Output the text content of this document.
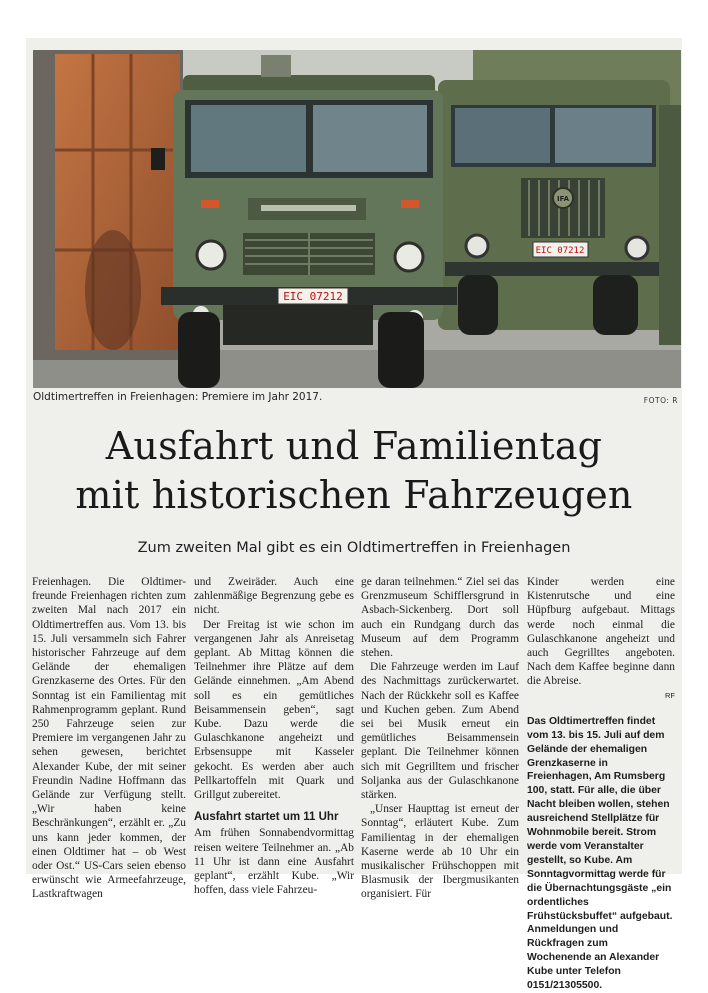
IFA
EIC 07212
EIC 07212
Oldtimertreffen in Freienhagen: Premiere im Jahr 2017.	FOTO: R
Ausfahrt und Familientag
mit historischen Fahrzeugen
Zum zweiten Mal gibt es ein Oldtimertreffen in Freienhagen

Freienhagen. Die Oldtimer-freunde Freienhagen richten zum zweiten Mal nach 2017 ein Oldtimertreffen aus. Vom 13. bis 15. Juli versammeln sich Fahrer historischer Fahrzeuge auf dem Gelände der ehemaligen Grenzkaserne des Ortes. Für den Sonntag ist ein Familientag mit Rahmenprogramm geplant. Rund 250 Fahrzeuge seien zur Premiere im vergangenen Jahr zu sehen gewesen, berichtet Alexander Kube, der mit seiner Freundin Nadine Hoffmann das Gelände zur Verfügung stellt. „Wir haben keine Beschränkungen“, erzählt er. „Zu uns kann jeder kommen, der einen Oldtimer hat – ob West oder Ost.“ US-Cars seien ebenso erwünscht wie Armeefahrzeuge, Lastkraftwagen

und Zweiräder. Auch eine zahlenmäßige Begrenzung gebe es nicht.

Der Freitag ist wie schon im vergangenen Jahr als Anreisetag geplant. Ab Mittag können die Teilnehmer ihre Plätze auf dem Gelände einnehmen. „Am Abend soll es ein gemütliches Beisammensein geben“, sagt Kube. Dazu werde die Gulaschkanone angeheizt und Erbsensuppe mit Kasseler gekocht. Es werden aber auch Pellkartoffeln mit Quark und Grillgut zubereitet.

Ausfahrt startet um 11 Uhr

Am frühen Sonnabendvormittag reisen weitere Teilnehmer an. „Ab 11 Uhr ist dann eine Ausfahrt geplant“, erzählt Kube. „Wir hoffen, dass viele Fahrzeu-

ge daran teilnehmen.“ Ziel sei das Grenzmuseum Schifflersgrund in Asbach-Sickenberg. Dort soll auch ein Rundgang durch das Museum auf dem Programm stehen.

Die Fahrzeuge werden im Lauf des Nachmittags zurückerwartet. Nach der Rückkehr soll es Kaffee und Kuchen geben. Zum Abend sei bei Musik erneut ein gemütliches Beisammensein geplant. Die Teilnehmer können sich mit Gegrilltem und frischer Soljanka aus der Gulaschkanone stärken.

„Unser Haupttag ist erneut der Sonntag“, erläutert Kube. Zum Familientag in der ehemaligen Kaserne werde ab 10 Uhr ein musikalischer Frühschoppen mit Blasmusik der Ibergmusikanten organisiert. Für

Kinder werden eine Kistenrutsche und eine Hüpfburg aufgebaut. Mittags werde noch einmal die Gulaschkanone angeheizt und auch Gegrilltes angeboten. Nach dem Kaffee beginne dann die Abreise.

RF

Das Oldtimertreffen findet vom 13. bis 15. Juli auf dem Gelände der ehemaligen Grenzkaserne in Freienhagen, Am Rumsberg 100, statt. Für alle, die über Nacht bleiben wollen, stehen ausreichend Stellplätze für Wohnmobile bereit. Strom werde vom Veranstalter gestellt, so Kube. Am Sonntagvormittag werde für die Übernachtungsgäste „ein ordentliches Frühstücksbuffet“ aufgebaut. Anmeldungen und Rückfragen zum Wochenende an Alexander Kube unter Telefon 0151/21305500.
